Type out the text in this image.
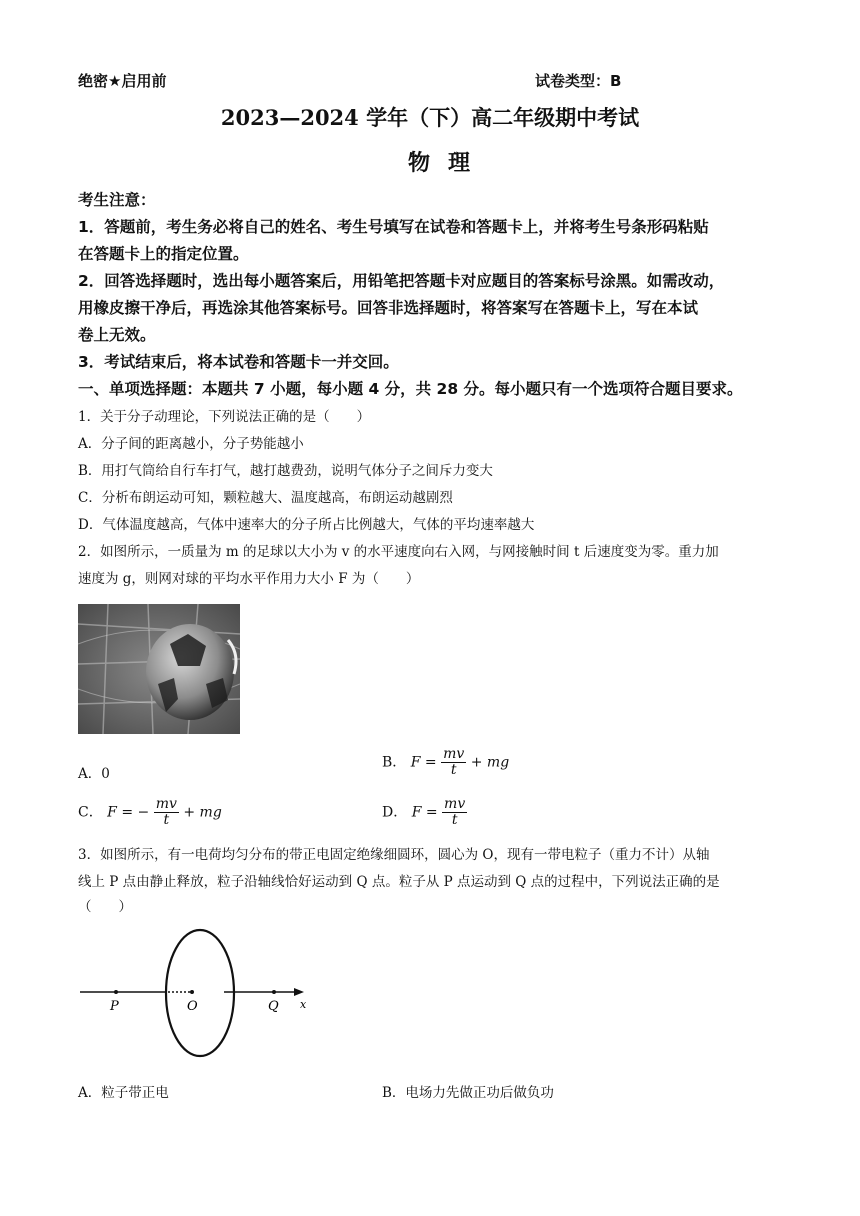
绝密★启用前	试卷类型：B
2023—2024 学年（下）高二年级期中考试
物理
考生注意：
1．答题前，考生务必将自己的姓名、考生号填写在试卷和答题卡上，并将考生号条形码粘贴
在答题卡上的指定位置。
2．回答选择题时，选出每小题答案后，用铅笔把答题卡对应题目的答案标号涂黑。如需改动，
用橡皮擦干净后，再选涂其他答案标号。回答非选择题时，将答案写在答题卡上，写在本试
卷上无效。
3．考试结束后，将本试卷和答题卡一并交回。
一、单项选择题：本题共 7 小题，每小题 4 分，共 28 分。每小题只有一个选项符合题目要求。
1．关于分子动理论，下列说法正确的是（　　）
A．分子间的距离越小，分子势能越小
B．用打气筒给自行车打气，越打越费劲，说明气体分子之间斥力变大
C．分析布朗运动可知，颗粒越大、温度越高，布朗运动越剧烈
D．气体温度越高，气体中速率大的分子所占比例越大，气体的平均速率越大
2．如图所示，一质量为 m 的足球以大小为 v 的水平速度向右入网，与网接触时间 t 后速度变为零。重力加
速度为 g，则网对球的平均水平作用力大小 F 为（　　）
A．0
B． $F = \frac{mv}{t}$ + mg
C． F = − $\frac{mv}{t}$ + mg	D． $F = \frac{mv}{t}$
3．如图所示，有一电荷均匀分布的带正电固定绝缘细圆环，圆心为 O，现有一带电粒子（重力不计）从轴
线上 P 点由静止释放，粒子沿轴线恰好运动到 Q 点。粒子从 P 点运动到 Q 点的过程中，下列说法正确的是
（　　）
P	O	Q x
A．粒子带正电	B．电场力先做正功后做负功
